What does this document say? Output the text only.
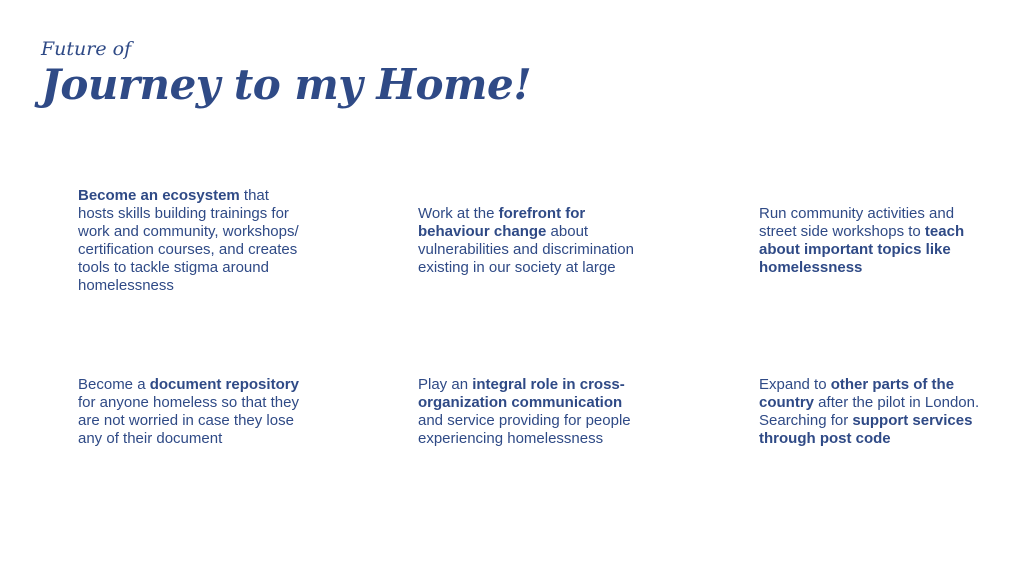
Future of

Journey to my Home!

Become an ecosystem that hosts skills building trainings for work and community, workshops/ certification courses, and creates tools to tackle stigma around homelessness

Work at the forefront for behaviour change about vulnerabilities and discrimination existing in our society at large

Run community activities and street side workshops to teach about important topics like homelessness

Become a document repository for anyone homeless so that they are not worried in case they lose any of their document

Play an integral role in cross-organization communication and service providing for people experiencing homelessness

Expand to other parts of the country after the pilot in London. Searching for support services through post code
